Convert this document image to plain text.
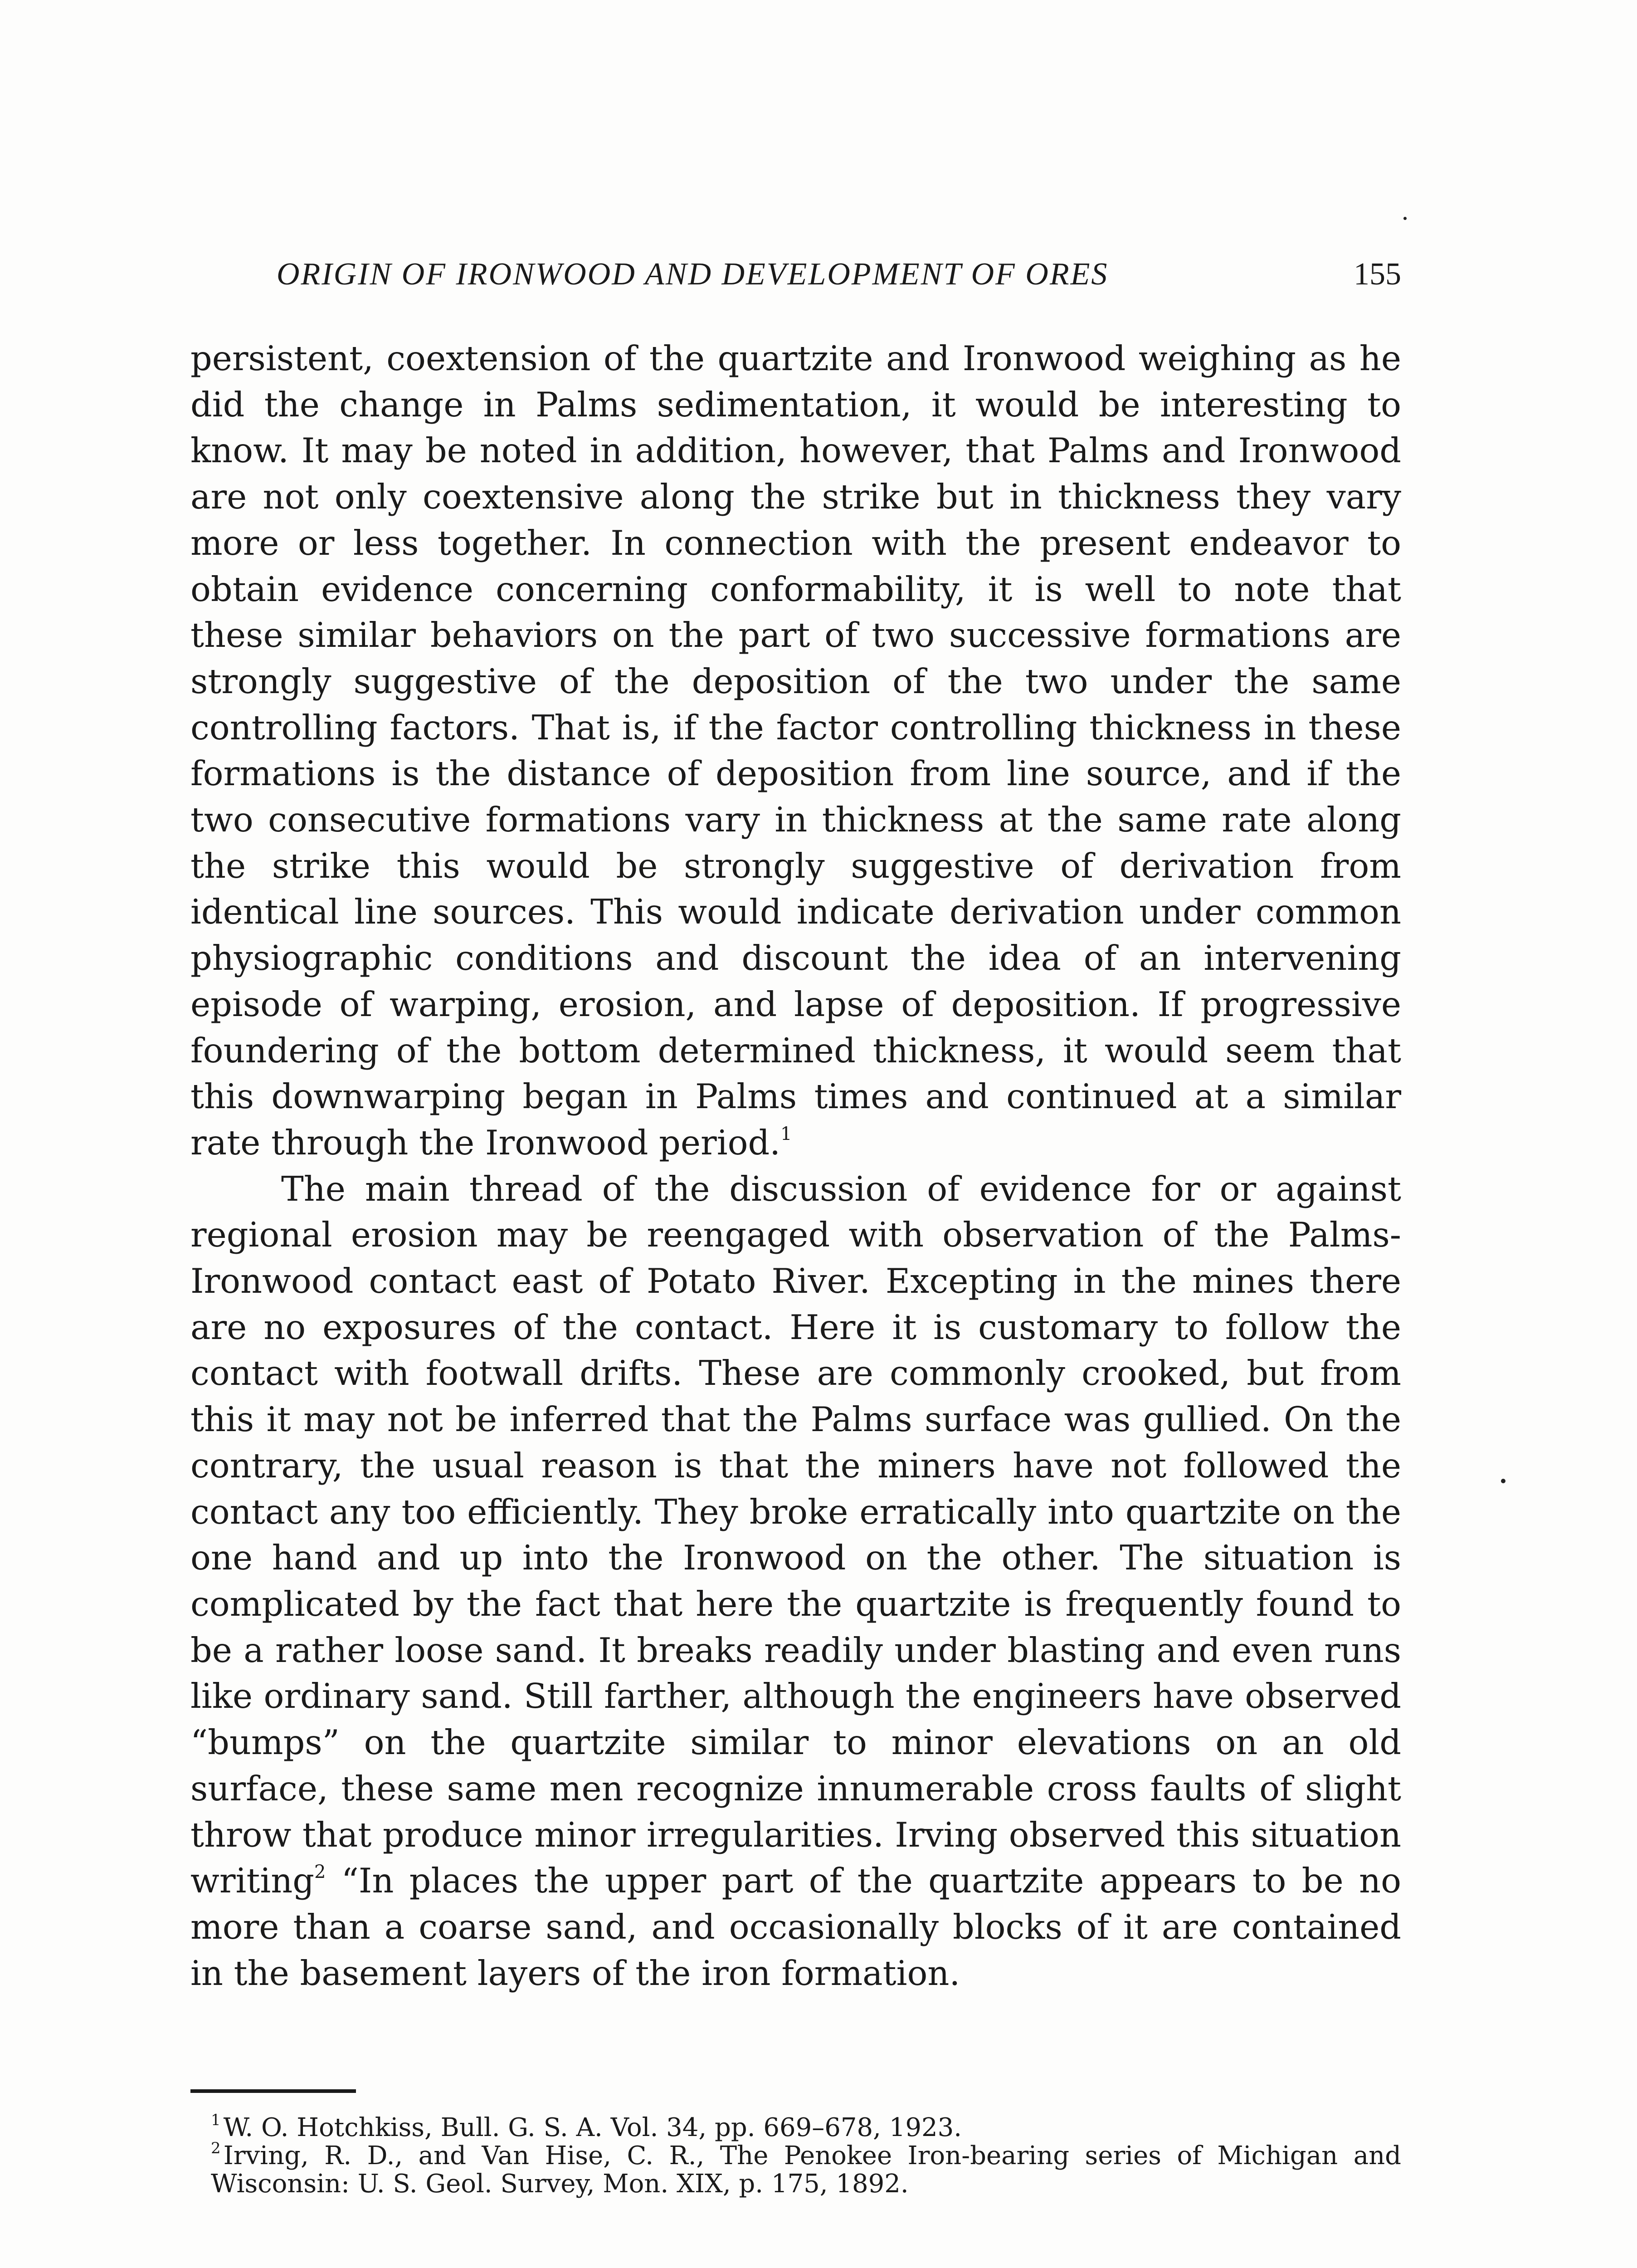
ORIGIN OF IRONWOOD AND DEVELOPMENT OF ORES	155

persistent, coextension of the quartzite and Ironwood weighing as he did the change in Palms sedimentation, it would be interesting to know. It may be noted in addition, however, that Palms and Ironwood are not only coextensive along the strike but in thickness they vary more or less together. In connection with the present endeavor to obtain evidence concerning conformability, it is well to note that these similar behaviors on the part of two successive formations are strongly suggestive of the deposition of the two under the same controlling factors. That is, if the factor controlling thickness in these formations is the distance of deposition from line source, and if the two consecutive formations vary in thickness at the same rate along the strike this would be strongly suggestive of derivation from identical line sources. This would indicate derivation under common physiographic conditions and discount the idea of an intervening episode of warping, erosion, and lapse of deposition. If progressive foundering of the bottom determined thickness, it would seem that this downwarping began in Palms times and continued at a similar rate through the Ironwood period.$^1$

The main thread of the discussion of evidence for or against regional erosion may be reengaged with observation of the Palms-Ironwood contact east of Potato River. Excepting in the mines there are no exposures of the contact. Here it is customary to follow the contact with footwall drifts. These are commonly crooked, but from this it may not be inferred that the Palms surface was gullied. On the contrary, the usual reason is that the miners have not followed the contact any too efficiently. They broke erratically into quartzite on the one hand and up into the Ironwood on the other. The situation is complicated by the fact that here the quartzite is frequently found to be a rather loose sand. It breaks readily under blasting and even runs like ordinary sand. Still farther, although the engineers have observed “bumps” on the quartzite similar to minor elevations on an old surface, these same men recognize innumerable cross faults of slight throw that produce minor irregularities. Irving observed this situation writing$^2$ “In places the upper part of the quartzite appears to be no more than a coarse sand, and occasionally blocks of it are contained in the basement layers of the iron formation.

$^1$ W. O. Hotchkiss, Bull. G. S. A. Vol. 34, pp. 669–678, 1923.

$^2$ Irving, R. D., and Van Hise, C. R., The Penokee Iron-bearing series of Michigan and Wisconsin: U. S. Geol. Survey, Mon. XIX, p. 175, 1892.
